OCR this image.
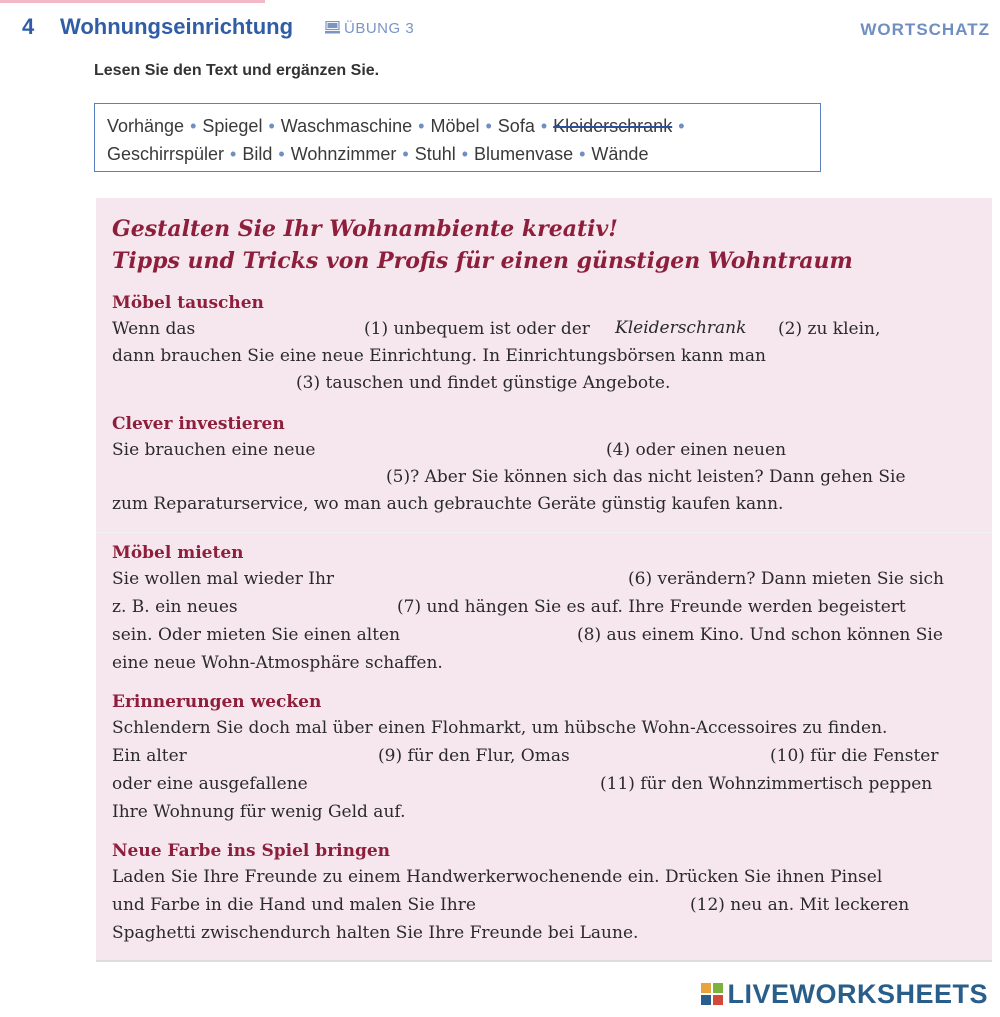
4 Wohnungseinrichtung	ÜBUNG 3	WORTSCHATZ
Lesen Sie den Text und ergänzen Sie.
Vorhänge • Spiegel • Waschmaschine • Möbel • Sofa • Kleiderschrank •
Geschirrspüler • Bild • Wohnzimmer • Stuhl • Blumenvase • Wände
Gestalten Sie Ihr Wohnambiente kreativ!
Tipps und Tricks von Profis für einen günstigen Wohntraum
Möbel tauschen
Wenn das	(1) unbequem ist oder der Kleiderschrank (2) zu klein,
dann brauchen Sie eine neue Einrichtung. In Einrichtungsbörsen kann man
(3) tauschen und findet günstige Angebote.
Clever investieren
Sie brauchen eine neue	(4) oder einen neuen
(5)? Aber Sie können sich das nicht leisten? Dann gehen Sie
zum Reparaturservice, wo man auch gebrauchte Geräte günstig kaufen kann.
Möbel mieten
Sie wollen mal wieder Ihr	(6) verändern? Dann mieten Sie sich
z. B. ein neues	(7) und hängen Sie es auf. Ihre Freunde werden begeistert
sein. Oder mieten Sie einen alten	(8) aus einem Kino. Und schon können Sie
eine neue Wohn-Atmosphäre schaffen.
Erinnerungen wecken
Schlendern Sie doch mal über einen Flohmarkt, um hübsche Wohn-Accessoires zu finden.
Ein alter	(9) für den Flur, Omas	(10) für die Fenster
oder eine ausgefallene	(11) für den Wohnzimmertisch peppen
Ihre Wohnung für wenig Geld auf.
Neue Farbe ins Spiel bringen
Laden Sie Ihre Freunde zu einem Handwerkerwochenende ein. Drücken Sie ihnen Pinsel
und Farbe in die Hand und malen Sie Ihre	(12) neu an. Mit leckeren
Spaghetti zwischendurch halten Sie Ihre Freunde bei Laune.
LIVEWORKSHEETS
